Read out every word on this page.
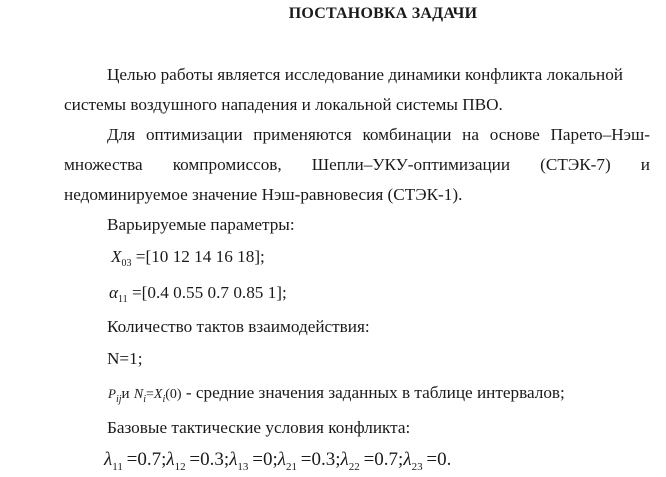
ПОСТАНОВКА ЗАДАЧИ
Целью работы является исследование динамики конфликта локальной
системы воздушного нападения и локальной системы ПВО.
Для оптимизации применяются комбинации на основе Парето–Нэш-
множества компромиссов, Шепли–УКУ-оптимизации (СТЭК-7) и
недоминируемое значение Нэш-равновесия (СТЭК-1).
Варьируемые параметры:
$X_{03} =[10$ 12 14 16 18];
$\alpha_{11} =[0.4$ 0.55 0.7 0.85 1];
Количество тактов взаимодействия:
N=1;
$P_{ij}и$ $N_i=X_i(0)$ - средние значения заданных в таблице интервалов;
Базовые тактические условия конфликта:
$\lambda_{11}$ $=0.7;\lambda_{12}$ $=0.3;\lambda_{13}$ $=0;\lambda_{21}$ $=0.3;\lambda_{22}$ $=0.7;\lambda_{23} =0$.
